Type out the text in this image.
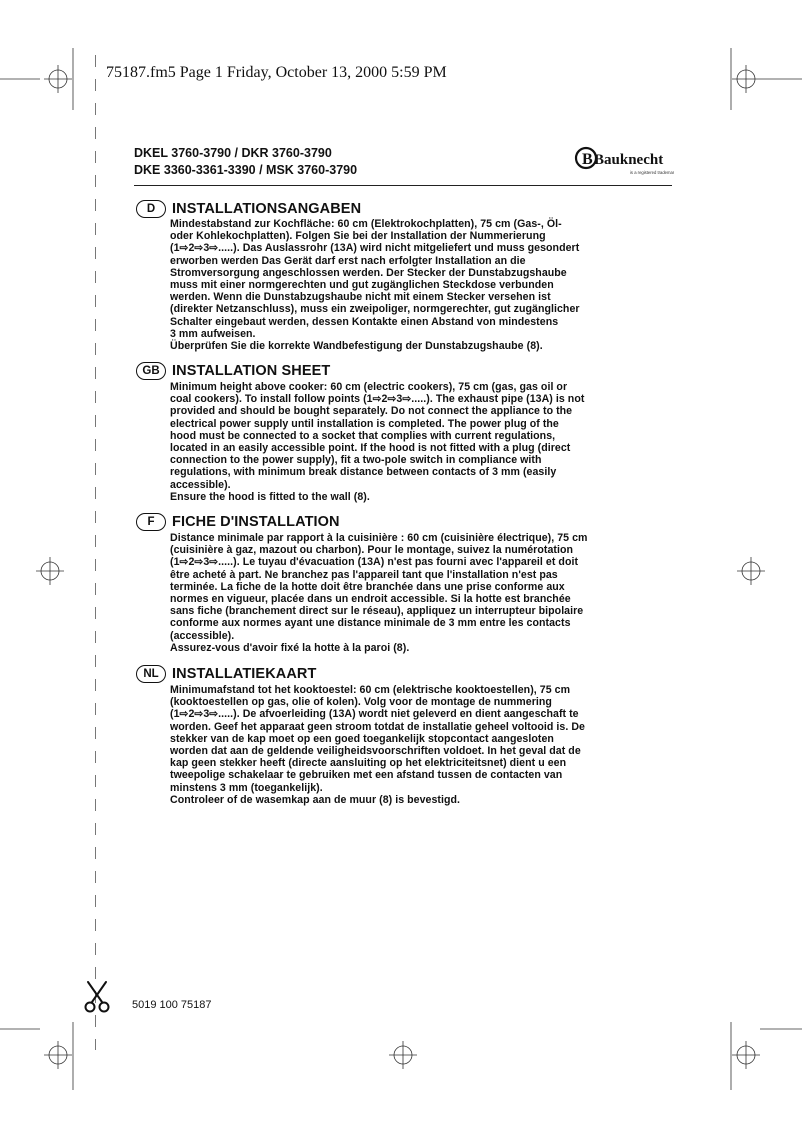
75187.fm5 Page 1 Friday, October 13, 2000 5:59 PM
DKEL 3760-3790 / DKR 3760-3790
DKE 3360-3361-3390 / MSK 3760-3790
B Bauknecht
is a registered trademark
D	INSTALLATIONSANGABEN

Mindestabstand zur Kochfläche: 60 cm (Elektrokochplatten), 75 cm (Gas-, Öl-

oder Kohlekochplatten). Folgen Sie bei der Installation der Nummerierung

(1⇨2⇨3⇨.....). Das Auslassrohr (13A) wird nicht mitgeliefert und muss gesondert

erworben werden Das Gerät darf erst nach erfolgter Installation an die

Stromversorgung angeschlossen werden. Der Stecker der Dunstabzugshaube

muss mit einer normgerechten und gut zugänglichen Steckdose verbunden

werden. Wenn die Dunstabzugshaube nicht mit einem Stecker versehen ist

(direkter Netzanschluss), muss ein zweipoliger, normgerechter, gut zugänglicher

Schalter eingebaut werden, dessen Kontakte einen Abstand von mindestens

3 mm aufweisen.

Überprüfen Sie die korrekte Wandbefestigung der Dunstabzugshaube (8).

GB INSTALLATION SHEET

Minimum height above cooker: 60 cm (electric cookers), 75 cm (gas, gas oil or

coal cookers). To install follow points (1⇨2⇨3⇨.....). The exhaust pipe (13A) is not

provided and should be bought separately. Do not connect the appliance to the

electrical power supply until installation is completed. The power plug of the

hood must be connected to a socket that complies with current regulations,

located in an easily accessible point. If the hood is not fitted with a plug (direct

connection to the power supply), fit a two-pole switch in compliance with

regulations, with minimum break distance between contacts of 3 mm (easily

accessible).

Ensure the hood is fitted to the wall (8).

F	FICHE D'INSTALLATION

Distance minimale par rapport à la cuisinière : 60 cm (cuisinière électrique), 75 cm

(cuisinière à gaz, mazout ou charbon). Pour le montage, suivez la numérotation

(1⇨2⇨3⇨.....). Le tuyau d'évacuation (13A) n'est pas fourni avec l'appareil et doit

être acheté à part. Ne branchez pas l'appareil tant que l'installation n'est pas

terminée. La fiche de la hotte doit être branchée dans une prise conforme aux

normes en vigueur, placée dans un endroit accessible. Si la hotte est branchée

sans fiche (branchement direct sur le réseau), appliquez un interrupteur bipolaire

conforme aux normes ayant une distance minimale de 3 mm entre les contacts

(accessible).

Assurez-vous d'avoir fixé la hotte à la paroi (8).

NL INSTALLATIEKAART

Minimumafstand tot het kooktoestel: 60 cm (elektrische kooktoestellen), 75 cm

(kooktoestellen op gas, olie of kolen). Volg voor de montage de nummering

(1⇨2⇨3⇨.....). De afvoerleiding (13A) wordt niet geleverd en dient aangeschaft te

worden. Geef het apparaat geen stroom totdat de installatie geheel voltooid is. De

stekker van de kap moet op een goed toegankelijk stopcontact aangesloten

worden dat aan de geldende veiligheidsvoorschriften voldoet. In het geval dat de

kap geen stekker heeft (directe aansluiting op het elektriciteitsnet) dient u een

tweepolige schakelaar te gebruiken met een afstand tussen de contacten van

minstens 3 mm (toegankelijk).

Controleer of de wasemkap aan de muur (8) is bevestigd.

5019 100 75187
